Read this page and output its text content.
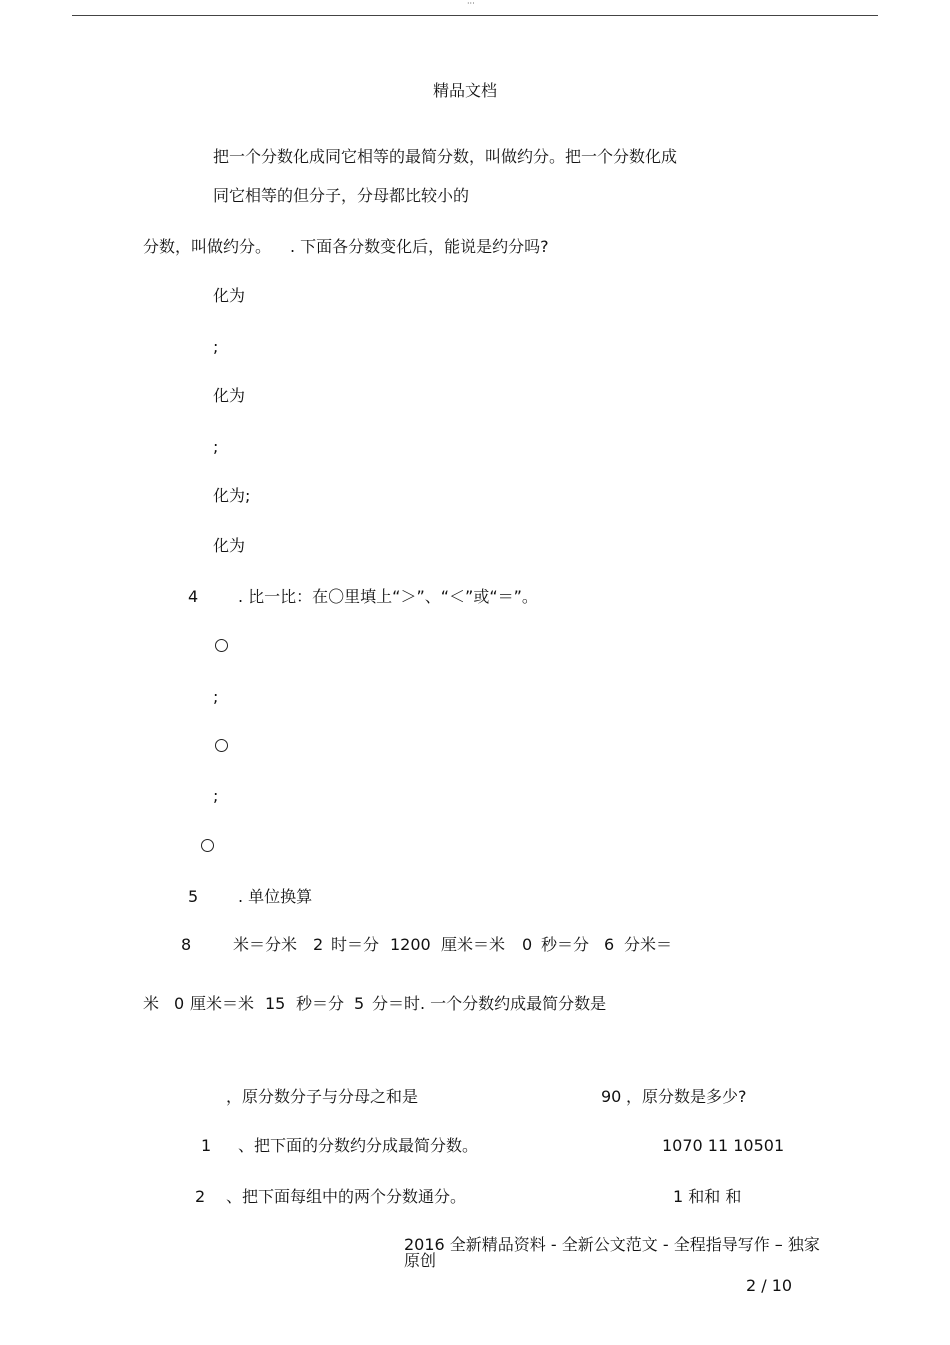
···
精品文档
把一个分数化成同它相等的最简分数，叫做约分。把一个分数化成
同它相等的但分子，分母都比较小的
分数，叫做约分。 . 下面各分数变化后，能说是约分吗?
化为
;
化为
;
化为;
化为
4 . 比一比：在〇里填上“＞”、“＜”或“＝”。
;
;
5 . 单位换算
8	米＝分米 2 时＝分 1200 厘米＝米 0 秒＝分 6 分米＝
米 0 厘米＝米 15 秒＝分 5 分＝时. 一个分数约成最简分数是
，原分数分子与分母之和是	90 ，原分数是多少?
1 、把下面的分数约分成最简分数。	1070 11 10501
2 、把下面每组中的两个分数通分。	1 和和 和
2016 全新精品资料 - 全新公文范文 - 全程指导写作 – 独家
原创
2 / 10
